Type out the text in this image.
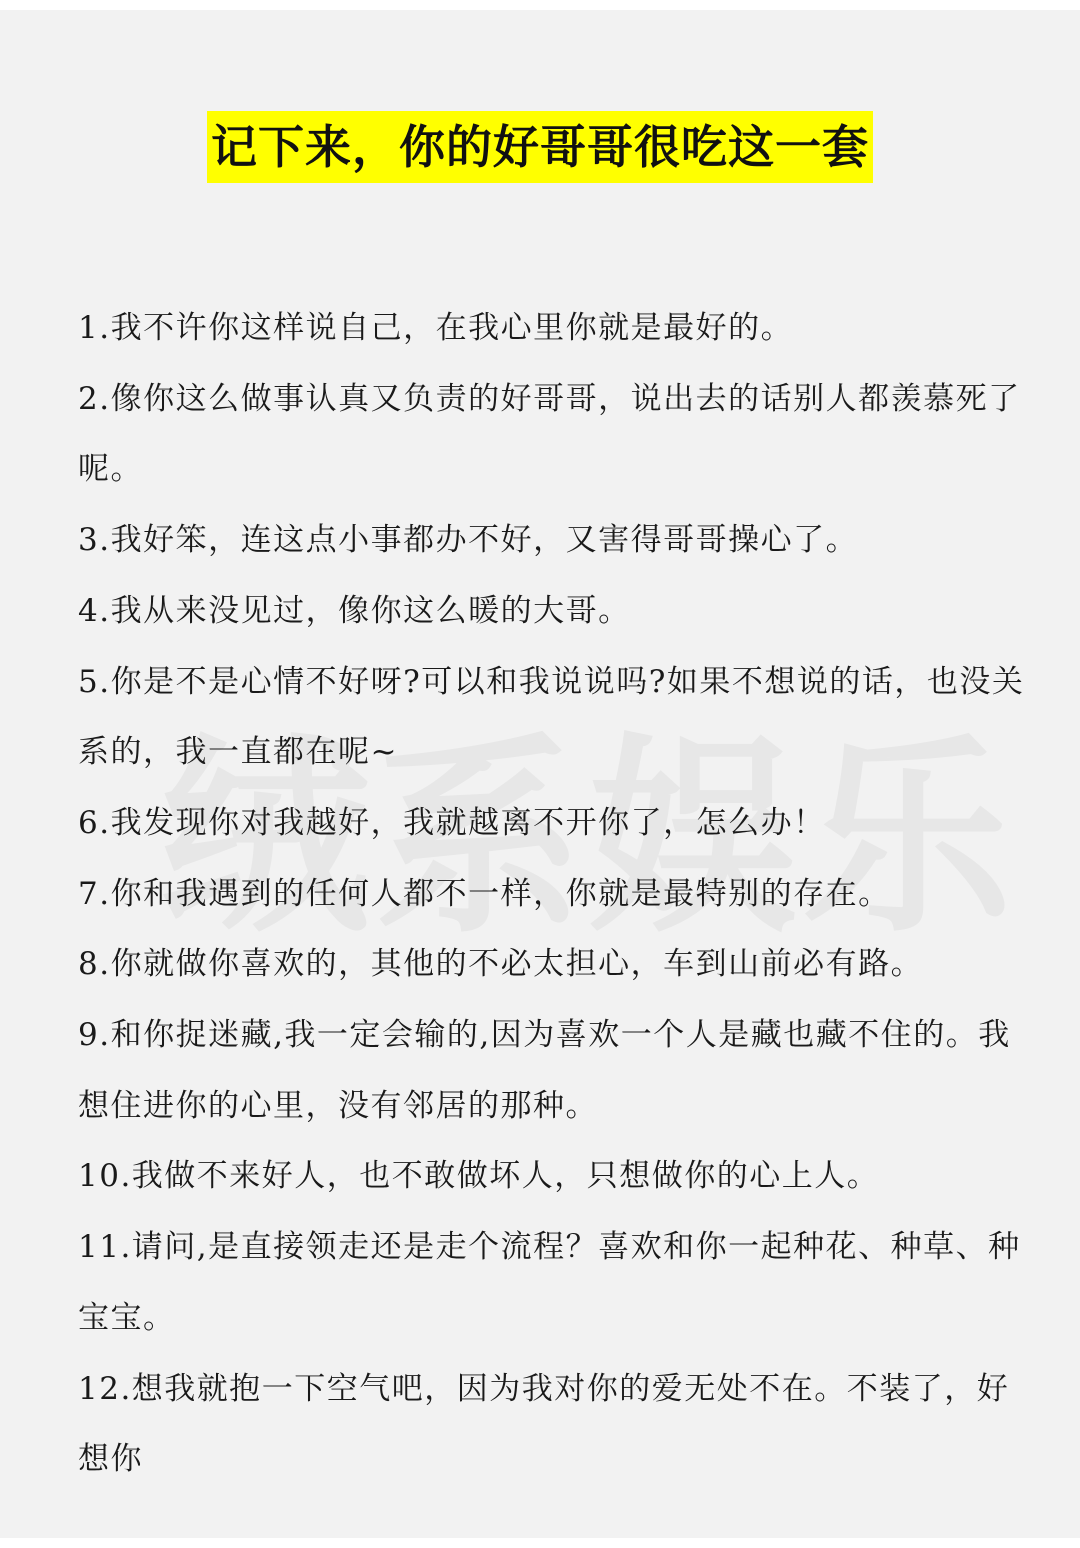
记下来，你的好哥哥很吃这一套
1.我不许你这样说自己，在我心里你就是最好的。
2.像你这么做事认真又负责的好哥哥，说出去的话别人都羡慕死了呢。
3.我好笨，连这点小事都办不好，又害得哥哥操心了。
4.我从来没见过，像你这么暖的大哥。
5.你是不是心情不好呀?可以和我说说吗?如果不想说的话，也没关系的，我一直都在呢~
6.我发现你对我越好，我就越离不开你了，怎么办！
7.你和我遇到的任何人都不一样，你就是最特别的存在。
8.你就做你喜欢的，其他的不必太担心，车到山前必有路。
9.和你捉迷藏,我一定会输的,因为喜欢一个人是藏也藏不住的。我想住进你的心里，没有邻居的那种。
10.我做不来好人，也不敢做坏人，只想做你的心上人。
11.请问,是直接领走还是走个流程？喜欢和你一起种花、种草、种宝宝。
12.想我就抱一下空气吧，因为我对你的爱无处不在。不装了，好想你
